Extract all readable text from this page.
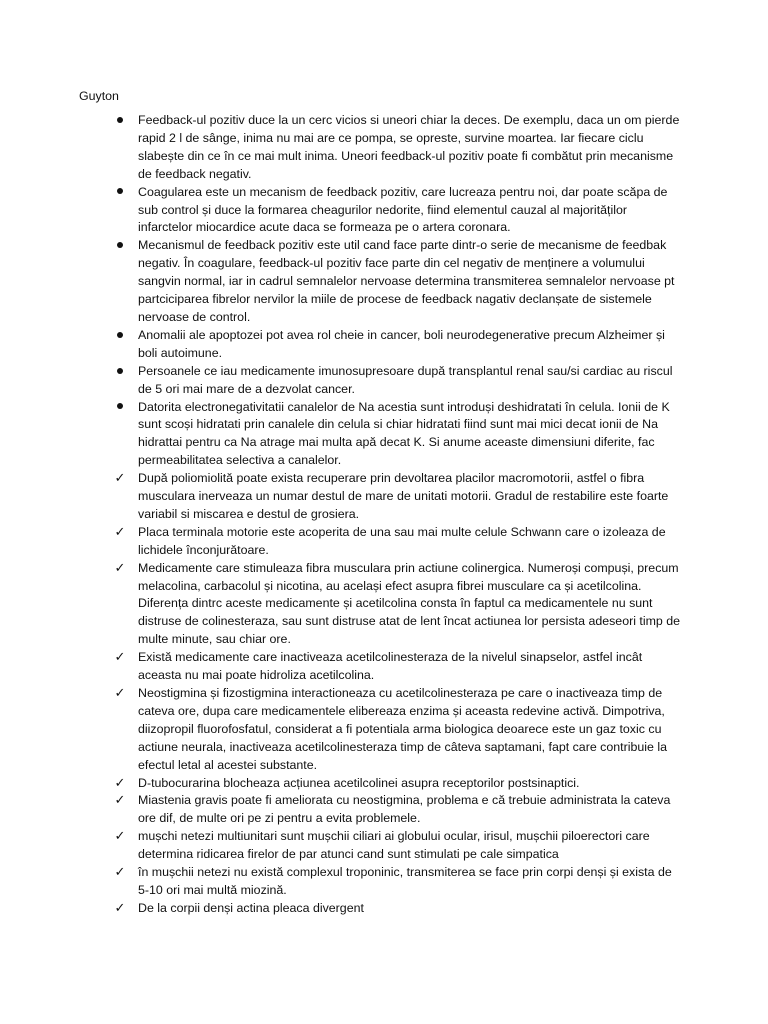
Guyton
Feedback-ul pozitiv duce la un cerc vicios si uneori chiar la deces. De exemplu, daca un om pierde rapid 2 l de sânge, inima nu mai are ce pompa, se opreste, survine moartea. Iar fiecare ciclu slabește din ce în ce mai mult inima. Uneori feedback-ul pozitiv poate fi combătut prin mecanisme de feedback negativ.
Coagularea este un mecanism de feedback pozitiv, care lucreaza pentru noi, dar poate scăpa de sub control și duce la formarea cheagurilor nedorite, fiind elementul cauzal al majorităților infarctelor miocardice acute daca se formeaza pe o artera coronara.
Mecanismul de feedback pozitiv este util cand face parte dintr-o serie de mecanisme de feedbak negativ. În coagulare, feedback-ul pozitiv face parte din cel negativ de menținere a volumului sangvin normal, iar in cadrul semnalelor nervoase determina transmiterea semnalelor nervoase pt partciciparea fibrelor nervilor la miile de procese de feedback nagativ declanșate de sistemele nervoase de control.
Anomalii ale apoptozei pot avea rol cheie in cancer, boli neurodegenerative precum Alzheimer și boli autoimune.
Persoanele ce iau medicamente imunosupresoare după transplantul renal sau/si cardiac au riscul de 5 ori mai mare de a dezvolat cancer.
Datorita electronegativitatii canalelor de Na acestia sunt introduși deshidratati în celula. Ionii de K sunt scoși hidratati prin canalele din celula si chiar hidratati fiind sunt mai mici decat ionii de Na hidrattai pentru ca Na atrage mai multa apă decat K. Si anume aceaste dimensiuni diferite, fac permeabilitatea selectiva a canalelor.
✓ După poliomiolită poate exista recuperare prin devoltarea placilor macromotorii, astfel o fibra musculara inerveaza un numar destul de mare de unitati motorii. Gradul de restabilire este foarte variabil si miscarea e destul de grosiera.
✓ Placa terminala motorie este acoperita de una sau mai multe celule Schwann care o izoleaza de lichidele înconjurătoare.
✓ Medicamente care stimuleaza fibra musculara prin actiune colinergica. Numeroși compuși, precum melacolina, carbacolul și nicotina, au același efect asupra fibrei musculare ca și acetilcolina. Diferența dintrc aceste medicamente și acetilcolina consta în faptul ca medicamentele nu sunt distruse de colinesteraza, sau sunt distruse atat de lent încat actiunea lor persista adeseori timp de multe minute, sau chiar ore.
✓ Există medicamente care inactiveaza acetilcolinesteraza de la nivelul sinapselor, astfel incât aceasta nu mai poate hidroliza acetilcolina.
✓ Neostigmina și fizostigmina interactioneaza cu acetilcolinesteraza pe care o inactiveaza timp de cateva ore, dupa care medicamentele elibereaza enzima și aceasta redevine activă. Dimpotriva, diizopropil fluorofosfatul, considerat a fi potentiala arma biologica deoarece este un gaz toxic cu actiune neurala, inactiveaza acetilcolinesteraza timp de câteva saptamani, fapt care contribuie la efectul letal al acestei substante.
✓ D-tubocurarina blocheaza acțiunea acetilcolinei asupra receptorilor postsinaptici.
✓ Miastenia gravis poate fi ameliorata cu neostigmina, problema e că trebuie administrata la cateva ore dif, de multe ori pe zi pentru a evita problemele.
✓ mușchi netezi multiunitari sunt mușchii ciliari ai globului ocular, irisul, mușchii piloerectori care determina ridicarea firelor de par atunci cand sunt stimulati pe cale simpatica
✓ în mușchii netezi nu există complexul troponinic, transmiterea se face prin corpi denși și exista de 5-10 ori mai multă miozină.
✓ De la corpii denși actina pleaca divergent
